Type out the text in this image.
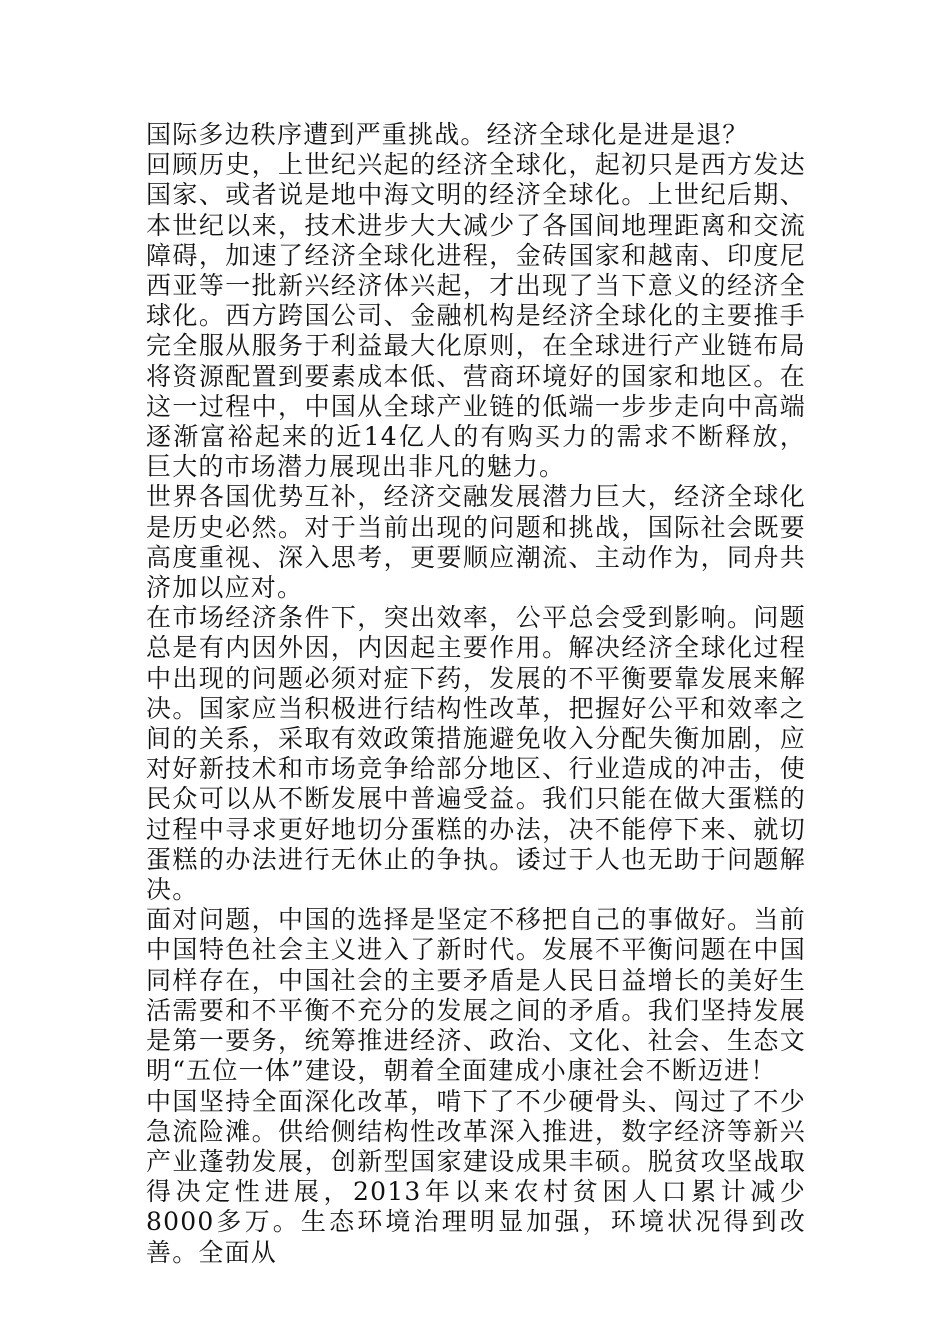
国际多边秩序遭到严重挑战。经济全球化是进是退？

回顾历史，上世纪兴起的经济全球化，起初只是西方发达国家、或者说是地中海文明的经济全球化。上世纪后期、本世纪以来，技术进步大大减少了各国间地理距离和交流障碍，加速了经济全球化进程，金砖国家和越南、印度尼西亚等一批新兴经济体兴起，才出现了当下意义的经济全球化。西方跨国公司、金融机构是经济全球化的主要推手完全服从服务于利益最大化原则，在全球进行产业链布局将资源配置到要素成本低、营商环境好的国家和地区。在这一过程中，中国从全球产业链的低端一步步走向中高端逐渐富裕起来的近14亿人的有购买力的需求不断释放，巨大的市场潜力展现出非凡的魅力。

世界各国优势互补，经济交融发展潜力巨大，经济全球化是历史必然。对于当前出现的问题和挑战，国际社会既要高度重视、深入思考，更要顺应潮流、主动作为，同舟共济加以应对。

在市场经济条件下，突出效率，公平总会受到影响。问题总是有内因外因，内因起主要作用。解决经济全球化过程中出现的问题必须对症下药，发展的不平衡要靠发展来解决。国家应当积极进行结构性改革，把握好公平和效率之间的关系，采取有效政策措施避免收入分配失衡加剧，应对好新技术和市场竞争给部分地区、行业造成的冲击，使民众可以从不断发展中普遍受益。我们只能在做大蛋糕的过程中寻求更好地切分蛋糕的办法，决不能停下来、就切蛋糕的办法进行无休止的争执。诿过于人也无助于问题解决。

面对问题，中国的选择是坚定不移把自己的事做好。当前中国特色社会主义进入了新时代。发展不平衡问题在中国同样存在，中国社会的主要矛盾是人民日益增长的美好生活需要和不平衡不充分的发展之间的矛盾。我们坚持发展是第一要务，统筹推进经济、政治、文化、社会、生态文明“五位一体”建设，朝着全面建成小康社会不断迈进！

中国坚持全面深化改革，啃下了不少硬骨头、闯过了不少急流险滩。供给侧结构性改革深入推进，数字经济等新兴产业蓬勃发展，创新型国家建设成果丰硕。脱贫攻坚战取得决定性进展，2013年以来农村贫困人口累计减少8000多万。生态环境治理明显加强，环境状况得到改善。全面从
